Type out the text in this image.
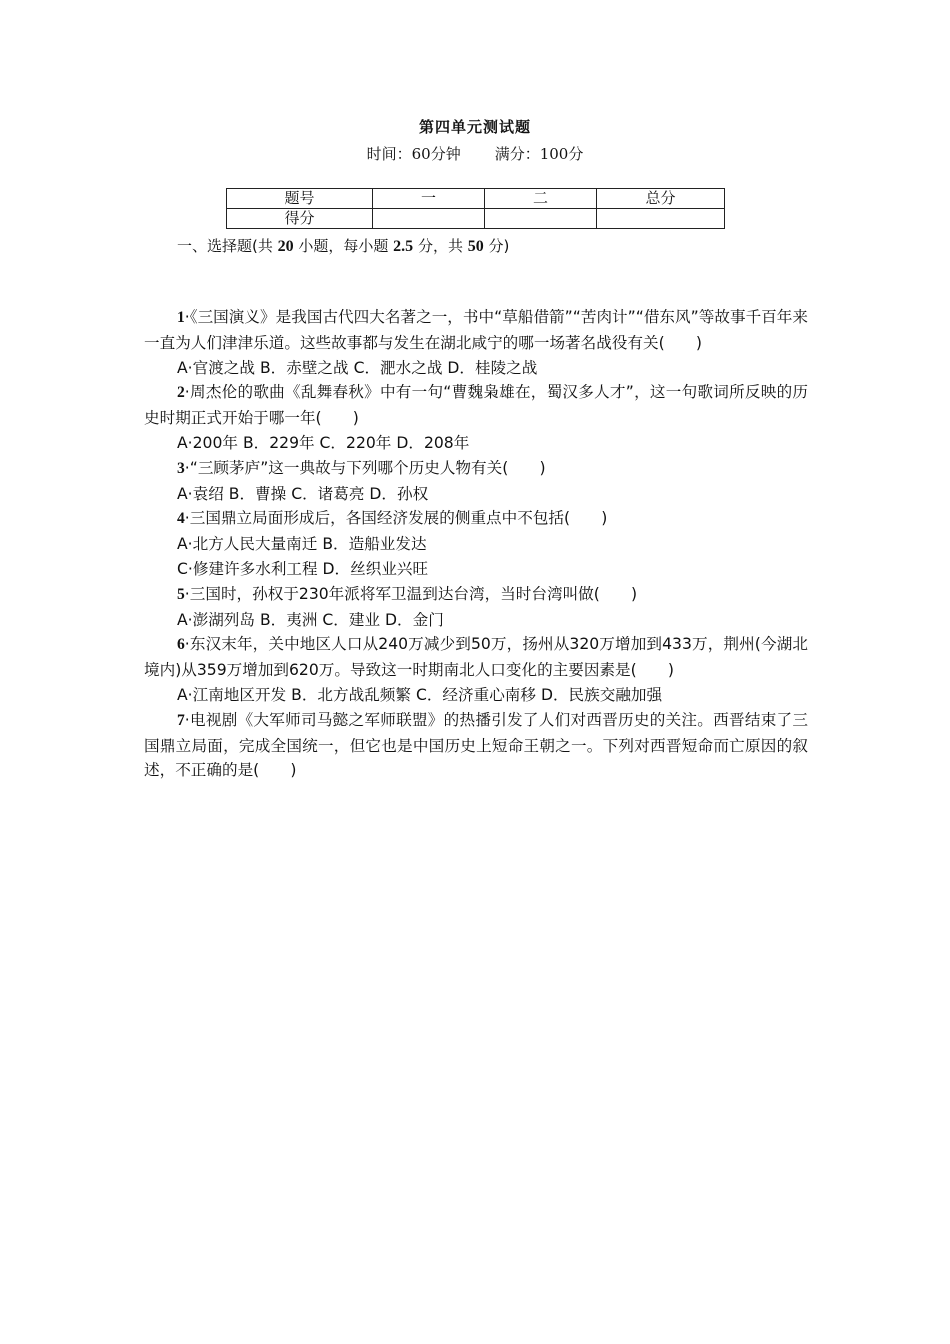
第四单元测试题
时间：60分钟 满分：100分
题号	一	二	总分
得分			
一、选择题(共 20 小题，每小题 2.5 分，共 50 分)
1·《三国演义》是我国古代四大名著之一，书中“草船借箭”“苦肉计”“借东风”等故事千百年来一直为人们津津乐道。这些故事都与发生在湖北咸宁的哪一场著名战役有关(　　)
A·官渡之战 B．赤壁之战 C．淝水之战 D．桂陵之战
2·周杰伦的歌曲《乱舞春秋》中有一句“曹魏枭雄在，蜀汉多人才”，这一句歌词所反映的历史时期正式开始于哪一年(　　)
A·200年 B．229年 C．220年 D．208年
3·“三顾茅庐”这一典故与下列哪个历史人物有关(　　)
A·袁绍 B．曹操 C．诸葛亮 D．孙权
4·三国鼎立局面形成后，各国经济发展的侧重点中不包括(　　)
A·北方人民大量南迁 B．造船业发达
C·修建许多水利工程 D．丝织业兴旺
5·三国时，孙权于230年派将军卫温到达台湾，当时台湾叫做(　　)
A·澎湖列岛 B．夷洲 C．建业 D．金门
6·东汉末年，关中地区人口从240万减少到50万，扬州从320万增加到433万，荆州(今湖北境内)从359万增加到620万。导致这一时期南北人口变化的主要因素是(　　)
A·江南地区开发 B．北方战乱频繁 C．经济重心南移 D．民族交融加强
7·电视剧《大军师司马懿之军师联盟》的热播引发了人们对西晋历史的关注。西晋结束了三国鼎立局面，完成全国统一，但它也是中国历史上短命王朝之一。下列对西晋短命而亡原因的叙述，不正确的是(　　)
